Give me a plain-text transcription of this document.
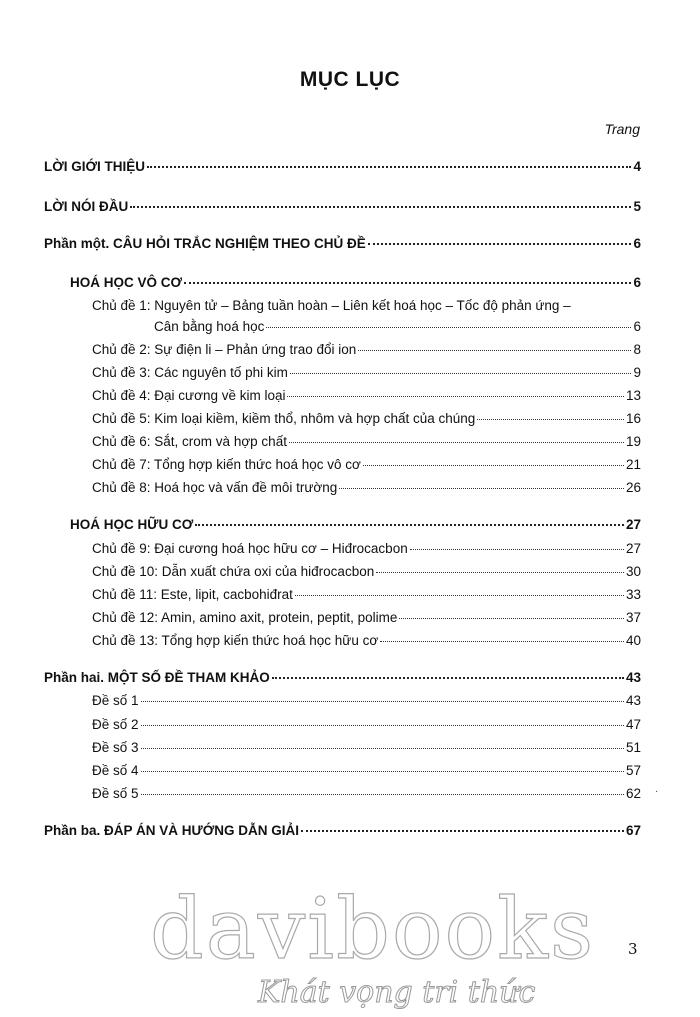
MỤC LỤC
Trang
LỜI GIỚI THIỆU	4
LỜI NÓI ĐẦU	5
Phần một. CÂU HỎI TRẮC NGHIỆM THEO CHỦ ĐỀ	6
HOÁ HỌC VÔ CƠ	6
Chủ đề 1: Nguyên tử – Bảng tuần hoàn – Liên kết hoá học – Tốc độ phản ứng –
Cân bằng hoá học	6
Chủ đề 2: Sự điện li – Phản ứng trao đổi ion	8
Chủ đề 3: Các nguyên tố phi kim	9
Chủ đề 4: Đại cương về kim loại	13
Chủ đề 5: Kim loại kiềm, kiềm thổ, nhôm và hợp chất của chúng	16
Chủ đề 6: Sắt, crom và hợp chất	19
Chủ đề 7: Tổng hợp kiến thức hoá học vô cơ	21
Chủ đề 8: Hoá học và vấn đề môi trường	26
HOÁ HỌC HỮU CƠ	27
Chủ đề 9: Đại cương hoá học hữu cơ – Hiđrocacbon	27
Chủ đề 10: Dẫn xuất chứa oxi của hiđrocacbon	30
Chủ đề 11: Este, lipit, cacbohiđrat	33
Chủ đề 12: Amin, amino axit, protein, peptit, polime	37
Chủ đề 13: Tổng hợp kiến thức hoá học hữu cơ	40
Phần hai. MỘT SỐ ĐỀ THAM KHẢO	43
Đề số 1	43
Đề số 2	47
Đề số 3	51
Đề số 4	57
Đề số 5	62
Phần ba. ĐÁP ÁN VÀ HƯỚNG DẪN GIẢI	67
·
davibooks
Khát vọng tri thức
3
